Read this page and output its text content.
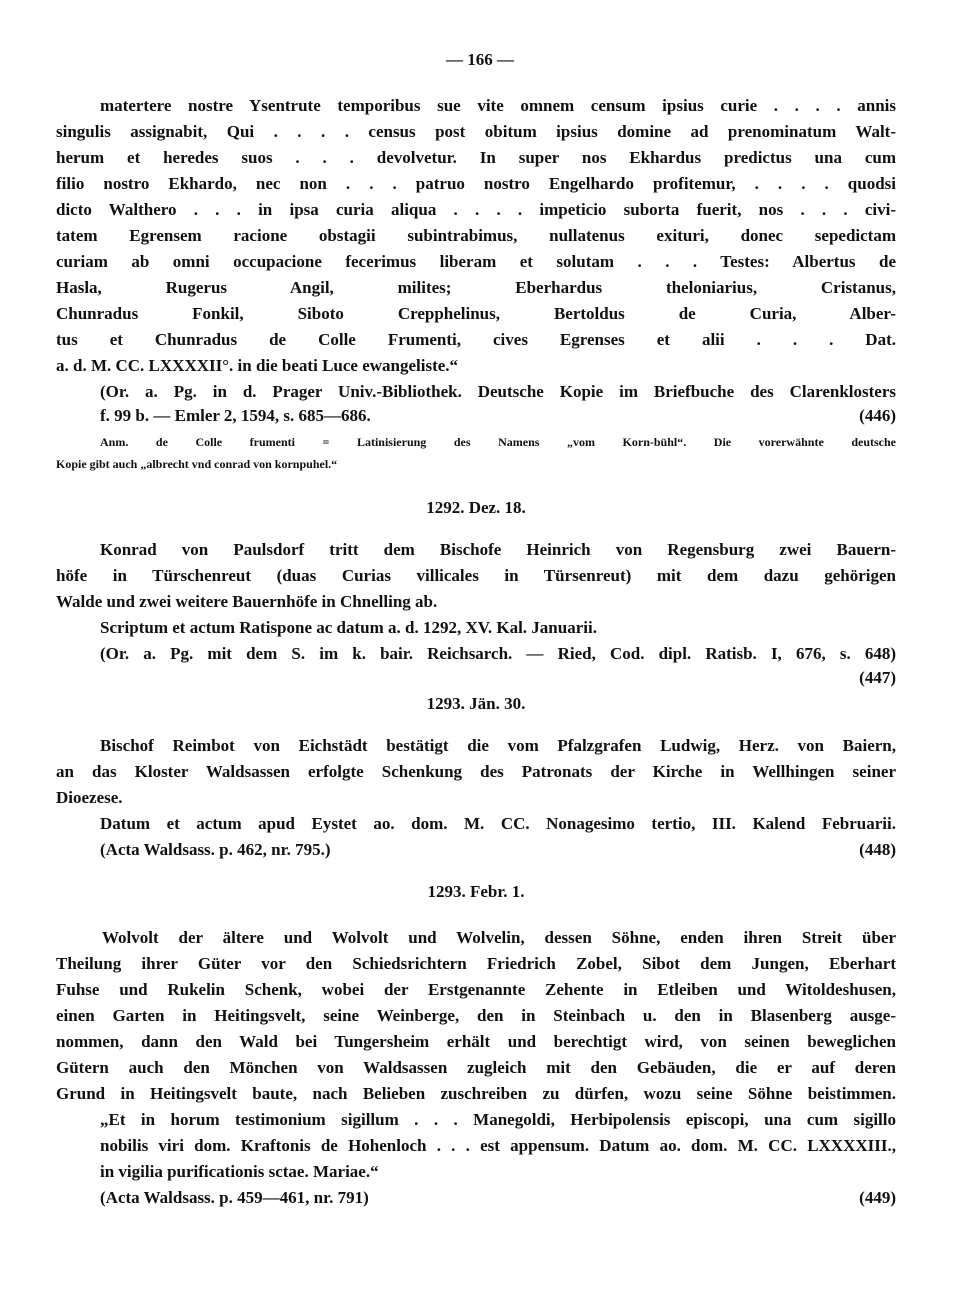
— 166 —
matertere nostre Ysentrute temporibus sue vite omnem censum ipsius curie . . . . annis
singulis assignabit, Qui . . . . census post obitum ipsius domine ad prenominatum Walt-
herum et heredes suos . . . devolvetur. In super nos Ekhardus predictus una cum
filio nostro Ekhardo, nec non . . . patruo nostro Engelhardo profitemur, . . . . quodsi
dicto Walthero . . . in ipsa curia aliqua . . . . impeticio suborta fuerit, nos . . . civi-
tatem Egrensem racione obstagii subintrabimus, nullatenus exituri, donec sepedictam
curiam ab omni occupacione fecerimus liberam et solutam . . . Testes: Albertus de
Hasla, Rugerus Angil, milites; Eberhardus theloniarius, Cristanus,
Chunradus Fonkil, Siboto Crepphelinus, Bertoldus de Curia, Alber-
tus et Chunradus de Colle Frumenti, cives Egrenses et alii . . . Dat.
a. d. M. CC. LXXXXII°. in die beati Luce ewangeliste.“
(Or. a. Pg. in d. Prager Univ.-Bibliothek. Deutsche Kopie im Briefbuche des Clarenklosters
f. 99 b. — Emler 2, 1594, s. 685—686.	(446)
Anm. de Colle frumenti = Latinisierung des Namens „vom Korn-bühl“. Die vorerwähnte deutsche
Kopie gibt auch „albrecht vnd conrad von kornpuhel.“
1292. Dez. 18.
Konrad von Paulsdorf tritt dem Bischofe Heinrich von Regensburg zwei Bauern-
höfe in Türschenreut (duas Curias villicales in Türsenreut) mit dem dazu gehörigen
Walde und zwei weitere Bauernhöfe in Chnelling ab.
Scriptum et actum Ratispone ac datum a. d. 1292, XV. Kal. Januarii.
(Or. a. Pg. mit dem S. im k. bair. Reichsarch. — Ried, Cod. dipl. Ratisb. I, 676, s. 648)
(447)
1293. Jän. 30.
Bischof Reimbot von Eichstädt bestätigt die vom Pfalzgrafen Ludwig, Herz. von Baiern,
an das Kloster Waldsassen erfolgte Schenkung des Patronats der Kirche in Wellhingen seiner
Dioezese.
Datum et actum apud Eystet ao. dom. M. CC. Nonagesimo tertio, III. Kalend Februarii.
(Acta Waldsass. p. 462, nr. 795.)	(448)
1293. Febr. 1.
Wolvolt der ältere und Wolvolt und Wolvelin, dessen Söhne, enden ihren Streit über
Theilung ihrer Güter vor den Schiedsrichtern Friedrich Zobel, Sibot dem Jungen, Eberhart
Fuhse und Rukelin Schenk, wobei der Erstgenannte Zehente in Etleiben und Witoldeshusen,
einen Garten in Heitingsvelt, seine Weinberge, den in Steinbach u. den in Blasenberg ausge-
nommen, dann den Wald bei Tungersheim erhält und berechtigt wird, von seinen beweglichen
Gütern auch den Mönchen von Waldsassen zugleich mit den Gebäuden, die er auf deren
Grund in Heitingsvelt baute, nach Belieben zuschreiben zu dürfen, wozu seine Söhne beistimmen.
„Et in horum testimonium sigillum . . . Manegoldi, Herbipolensis episcopi, una cum sigillo
nobilis viri dom. Kraftonis de Hohenloch . . . est appensum. Datum ao. dom. M. CC. LXXXXIII.,
in vigilia purificationis sctae. Mariae.“
(Acta Waldsass. p. 459—461, nr. 791)	(449)
